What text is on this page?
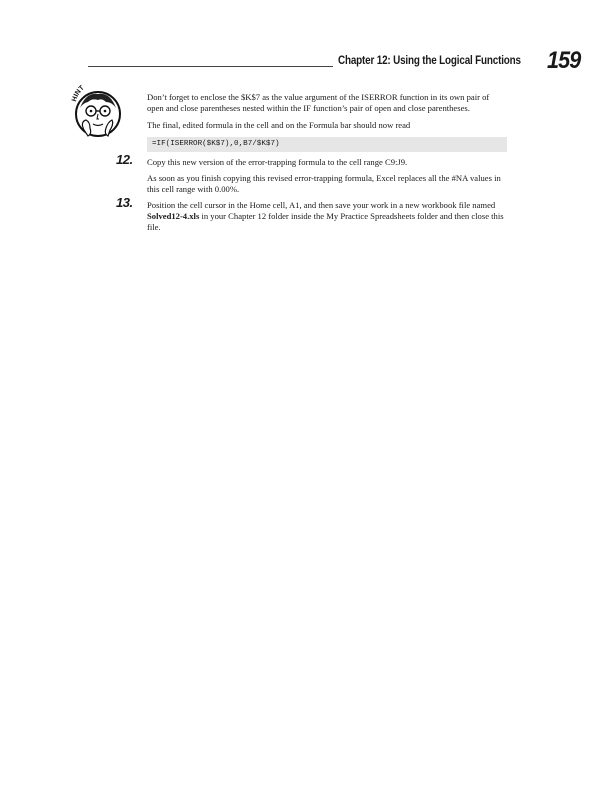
Chapter 12: Using the Logical Functions 159
HINT

Don’t forget to enclose the $K$7 as the value argument of the ISERROR function in its own pair of open and close parentheses nested within the IF function’s pair of open and close parentheses.

The final, edited formula in the cell and on the Formula bar should now read

=IF(ISERROR($K$7),0,B7/$K$7)
12. Copy this new version of the error-trapping formula to the cell range C9:J9.

As soon as you finish copying this revised error-trapping formula, Excel replaces all the #NA values in this cell range with 0.00%.

13. Position the cell cursor in the Home cell, A1, and then save your work in a new workbook file named Solved12-4.xls in your Chapter 12 folder inside the My Practice Spreadsheets folder and then close this file.
